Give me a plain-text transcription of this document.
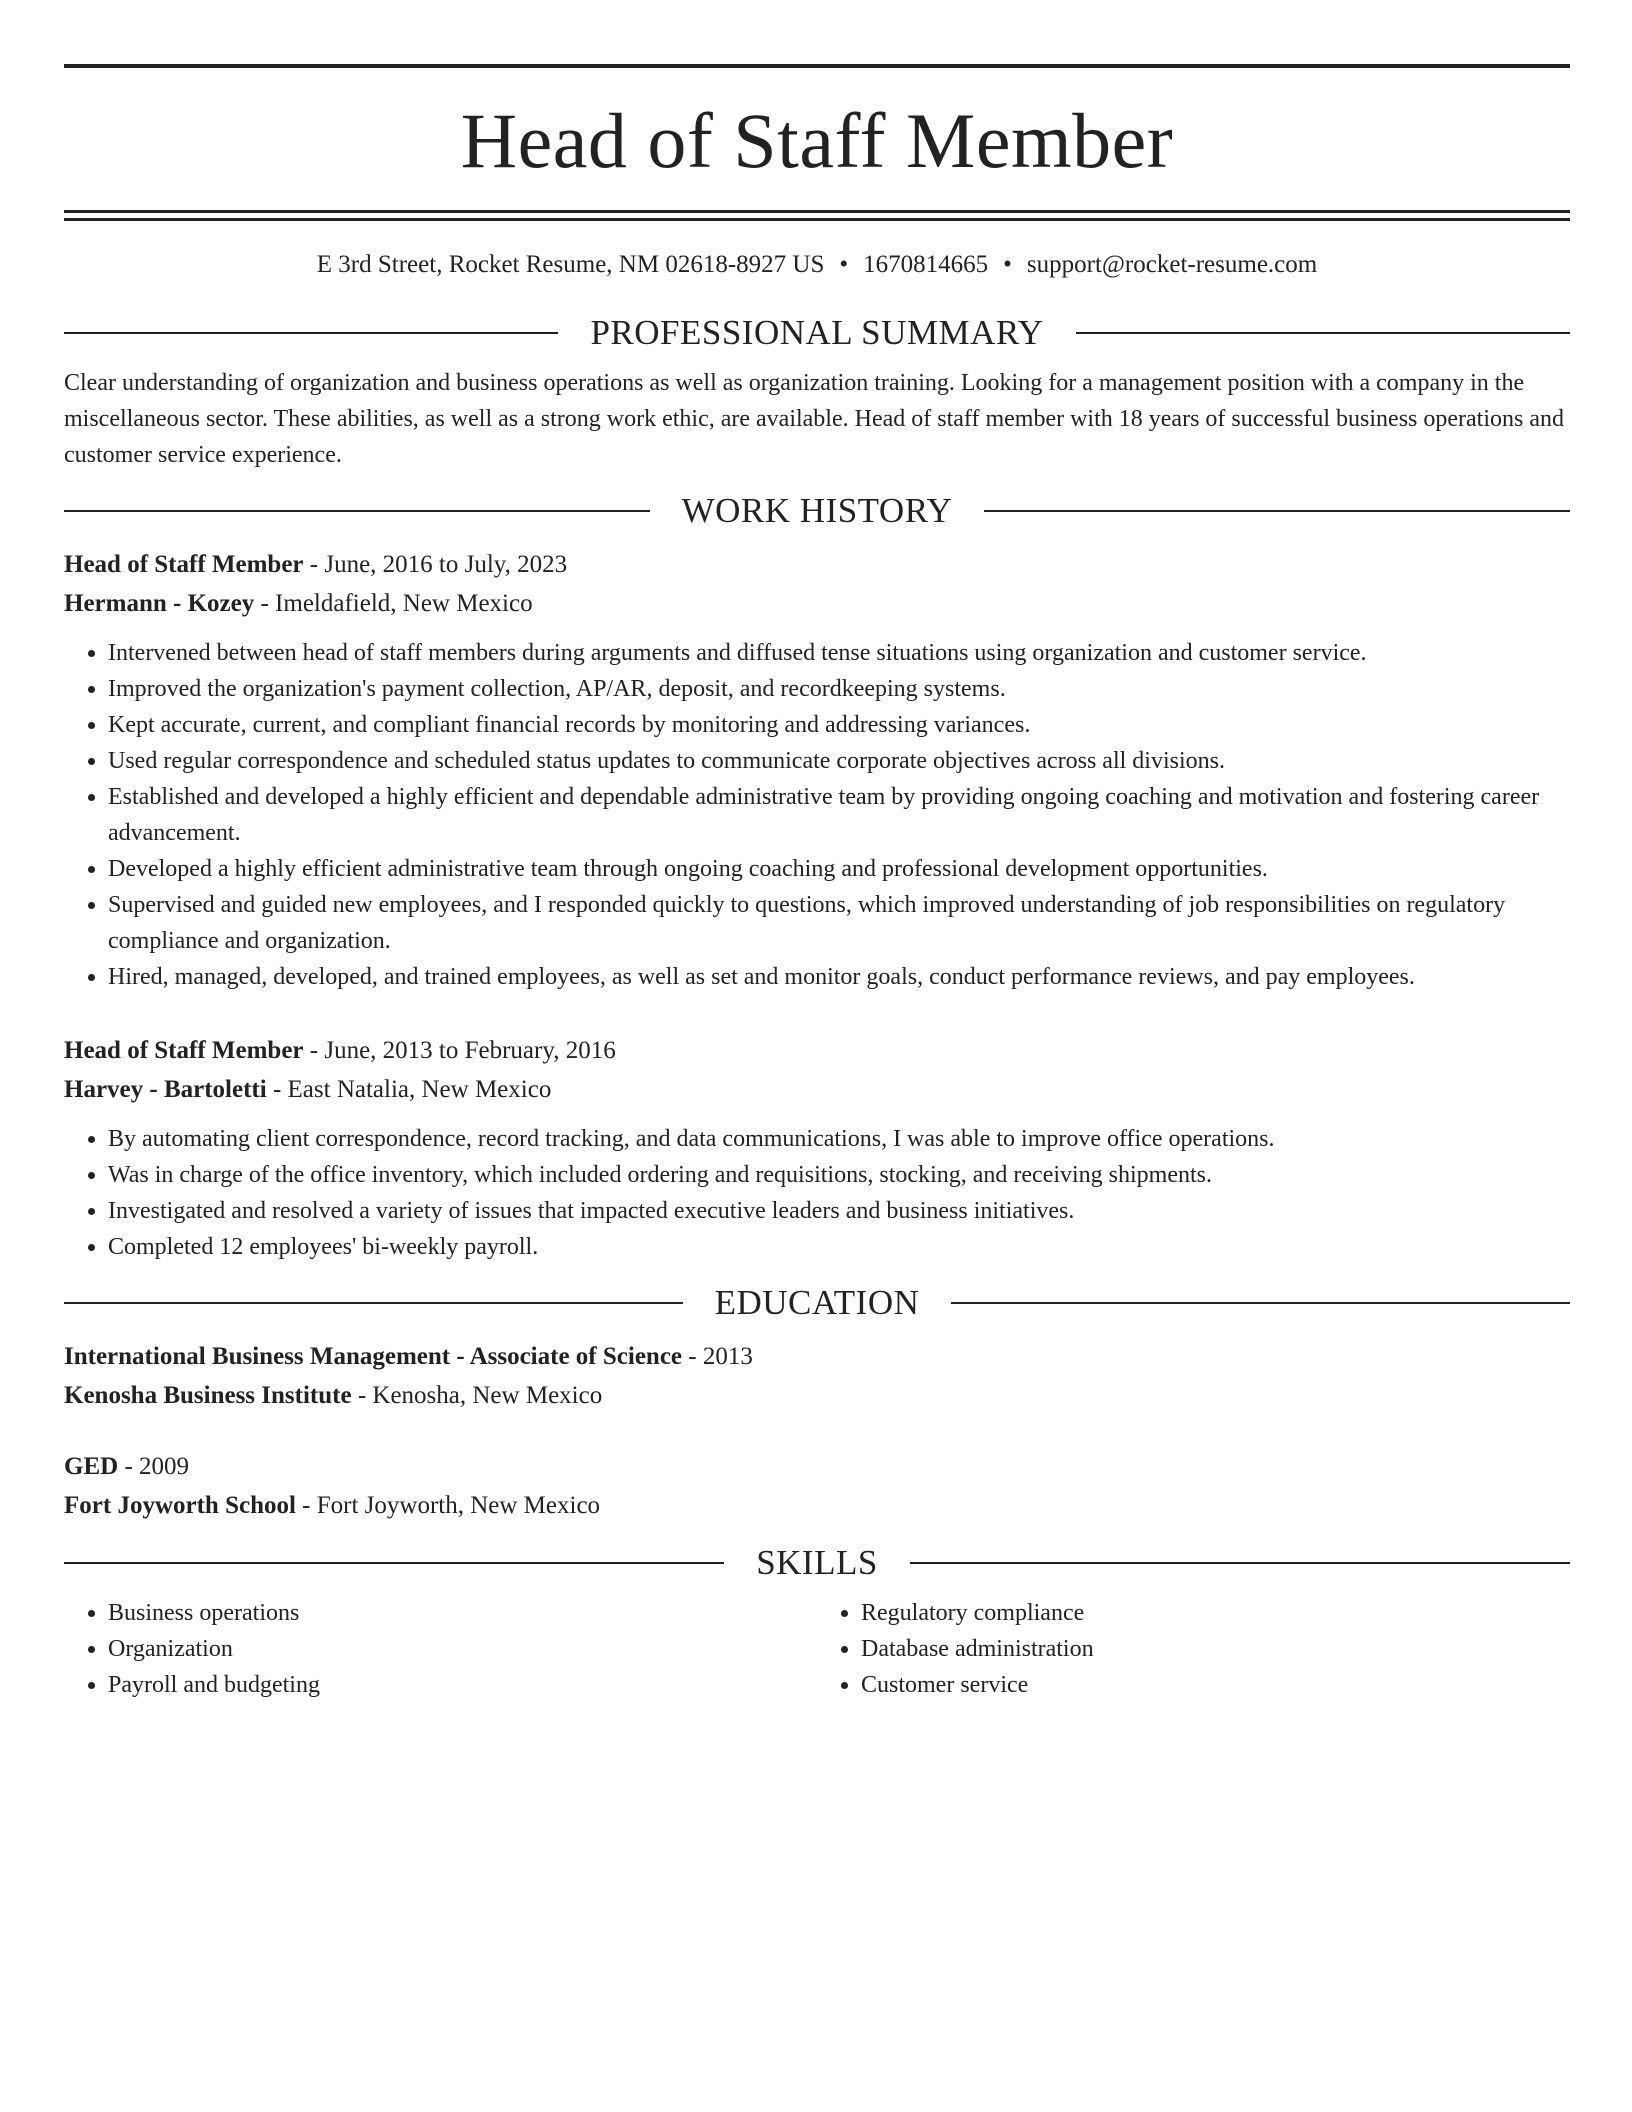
Head of Staff Member
E 3rd Street, Rocket Resume, NM 02618-8927 US • 1670814665 • support@rocket-resume.com
PROFESSIONAL SUMMARY
Clear understanding of organization and business operations as well as organization training. Looking for a management position with a company in the miscellaneous sector. These abilities, as well as a strong work ethic, are available. Head of staff member with 18 years of successful business operations and customer service experience.
WORK HISTORY
Head of Staff Member - June, 2016 to July, 2023
Hermann - Kozey - Imeldafield, New Mexico
• Intervened between head of staff members during arguments and diffused tense situations using organization and customer service.
• Improved the organization's payment collection, AP/AR, deposit, and recordkeeping systems.
• Kept accurate, current, and compliant financial records by monitoring and addressing variances.
• Used regular correspondence and scheduled status updates to communicate corporate objectives across all divisions.
• Established and developed a highly efficient and dependable administrative team by providing ongoing coaching and motivation and fostering career advancement.
• Developed a highly efficient administrative team through ongoing coaching and professional development opportunities.
• Supervised and guided new employees, and I responded quickly to questions, which improved understanding of job responsibilities on regulatory compliance and organization.
• Hired, managed, developed, and trained employees, as well as set and monitor goals, conduct performance reviews, and pay employees.
Head of Staff Member - June, 2013 to February, 2016
Harvey - Bartoletti - East Natalia, New Mexico
• By automating client correspondence, record tracking, and data communications, I was able to improve office operations.
• Was in charge of the office inventory, which included ordering and requisitions, stocking, and receiving shipments.
• Investigated and resolved a variety of issues that impacted executive leaders and business initiatives.
• Completed 12 employees' bi-weekly payroll.
EDUCATION
International Business Management - Associate of Science - 2013
Kenosha Business Institute - Kenosha, New Mexico
GED - 2009
Fort Joyworth School - Fort Joyworth, New Mexico
SKILLS
• Business operations
• Organization
• Payroll and budgeting
• Regulatory compliance
• Database administration
• Customer service
